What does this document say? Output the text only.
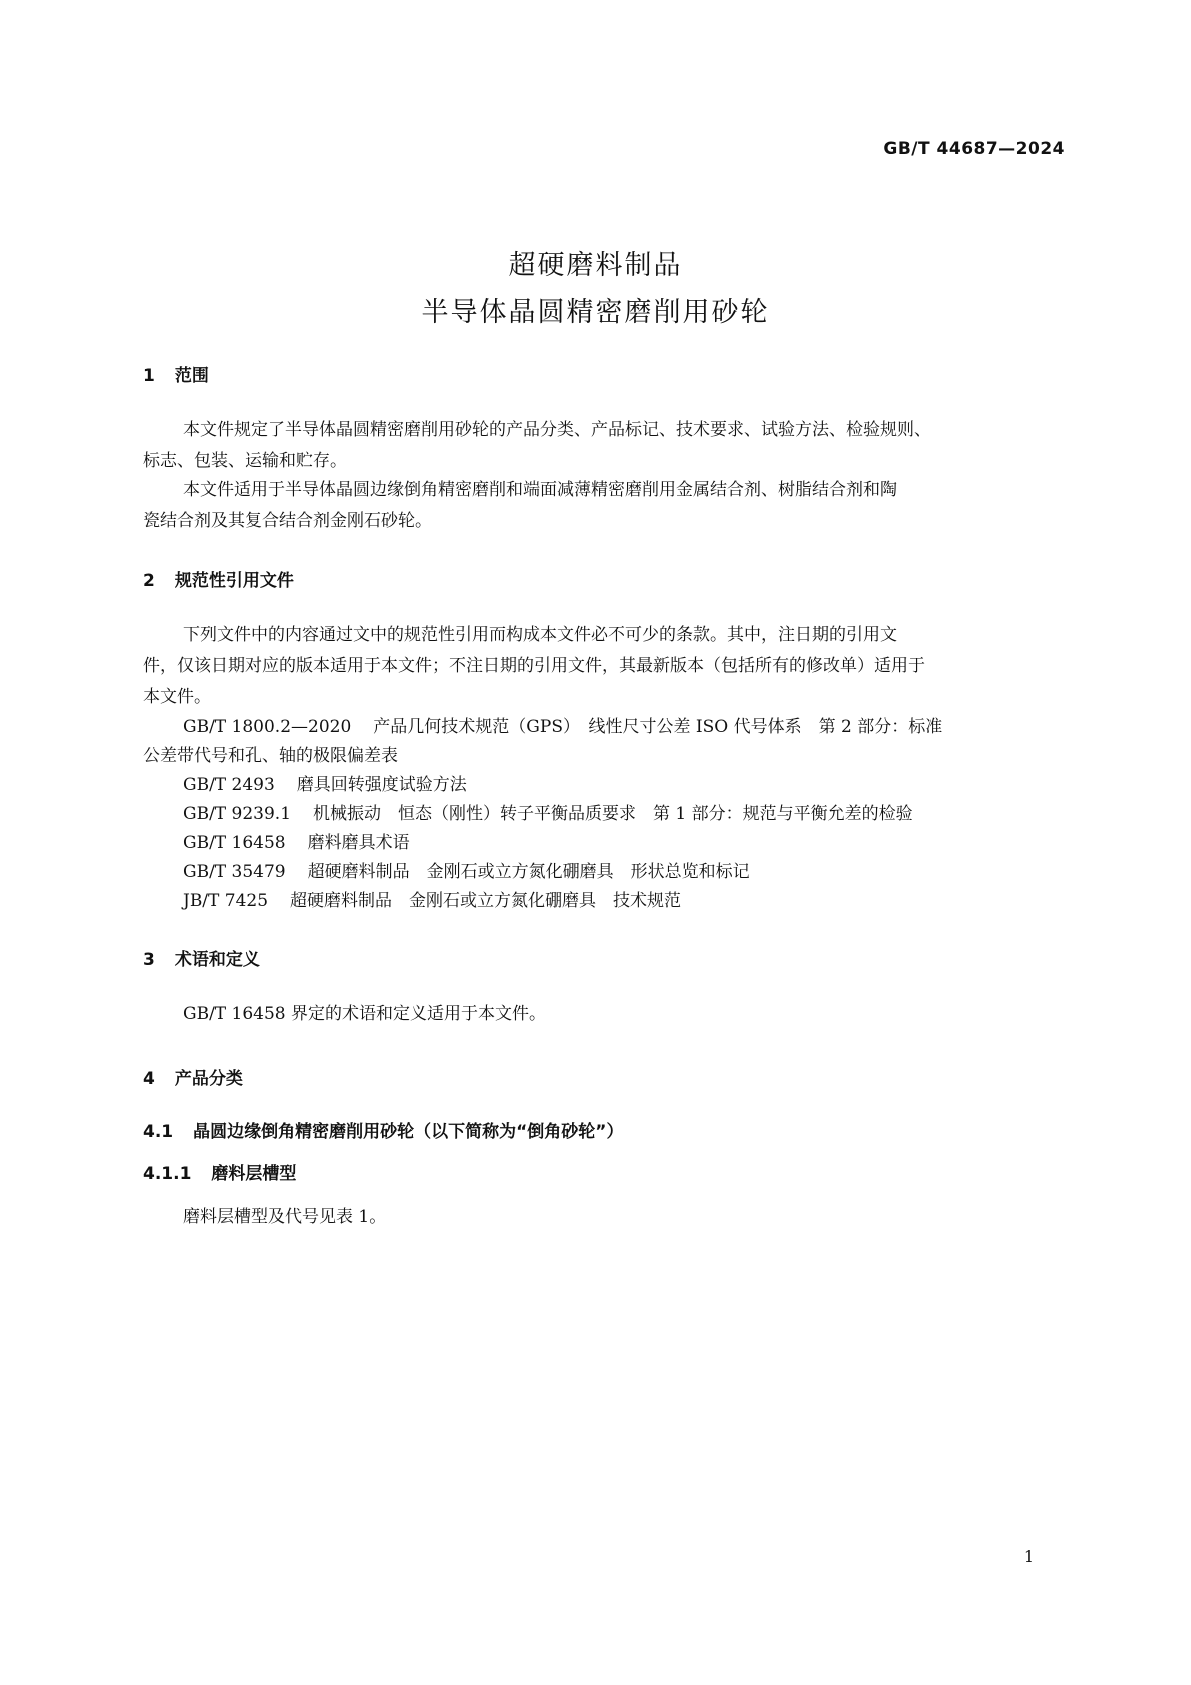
GB/T 44687—2024
超硬磨料制品
半导体晶圆精密磨削用砂轮
1 范围
本文件规定了半导体晶圆精密磨削用砂轮的产品分类、产品标记、技术要求、试验方法、检验规则、
标志、包装、运输和贮存。
本文件适用于半导体晶圆边缘倒角精密磨削和端面减薄精密磨削用金属结合剂、树脂结合剂和陶
瓷结合剂及其复合结合剂金刚石砂轮。
2 规范性引用文件
下列文件中的内容通过文中的规范性引用而构成本文件必不可少的条款。其中，注日期的引用文
件，仅该日期对应的版本适用于本文件；不注日期的引用文件，其最新版本（包括所有的修改单）适用于
本文件。
GB/T 1800.2—2020 产品几何技术规范（GPS）　线性尺寸公差 ISO 代号体系　第 2 部分：标准
公差带代号和孔、轴的极限偏差表
GB/T 2493 磨具回转强度试验方法
GB/T 9239.1 机械振动　恒态（刚性）转子平衡品质要求　第 1 部分：规范与平衡允差的检验
GB/T 16458 磨料磨具术语
GB/T 35479 超硬磨料制品　金刚石或立方氮化硼磨具　形状总览和标记
JB/T 7425 超硬磨料制品　金刚石或立方氮化硼磨具　技术规范
3 术语和定义
GB/T 16458 界定的术语和定义适用于本文件。
4 产品分类
4.1 晶圆边缘倒角精密磨削用砂轮（以下简称为“倒角砂轮”）
4.1.1 磨料层槽型
磨料层槽型及代号见表 1。
1
